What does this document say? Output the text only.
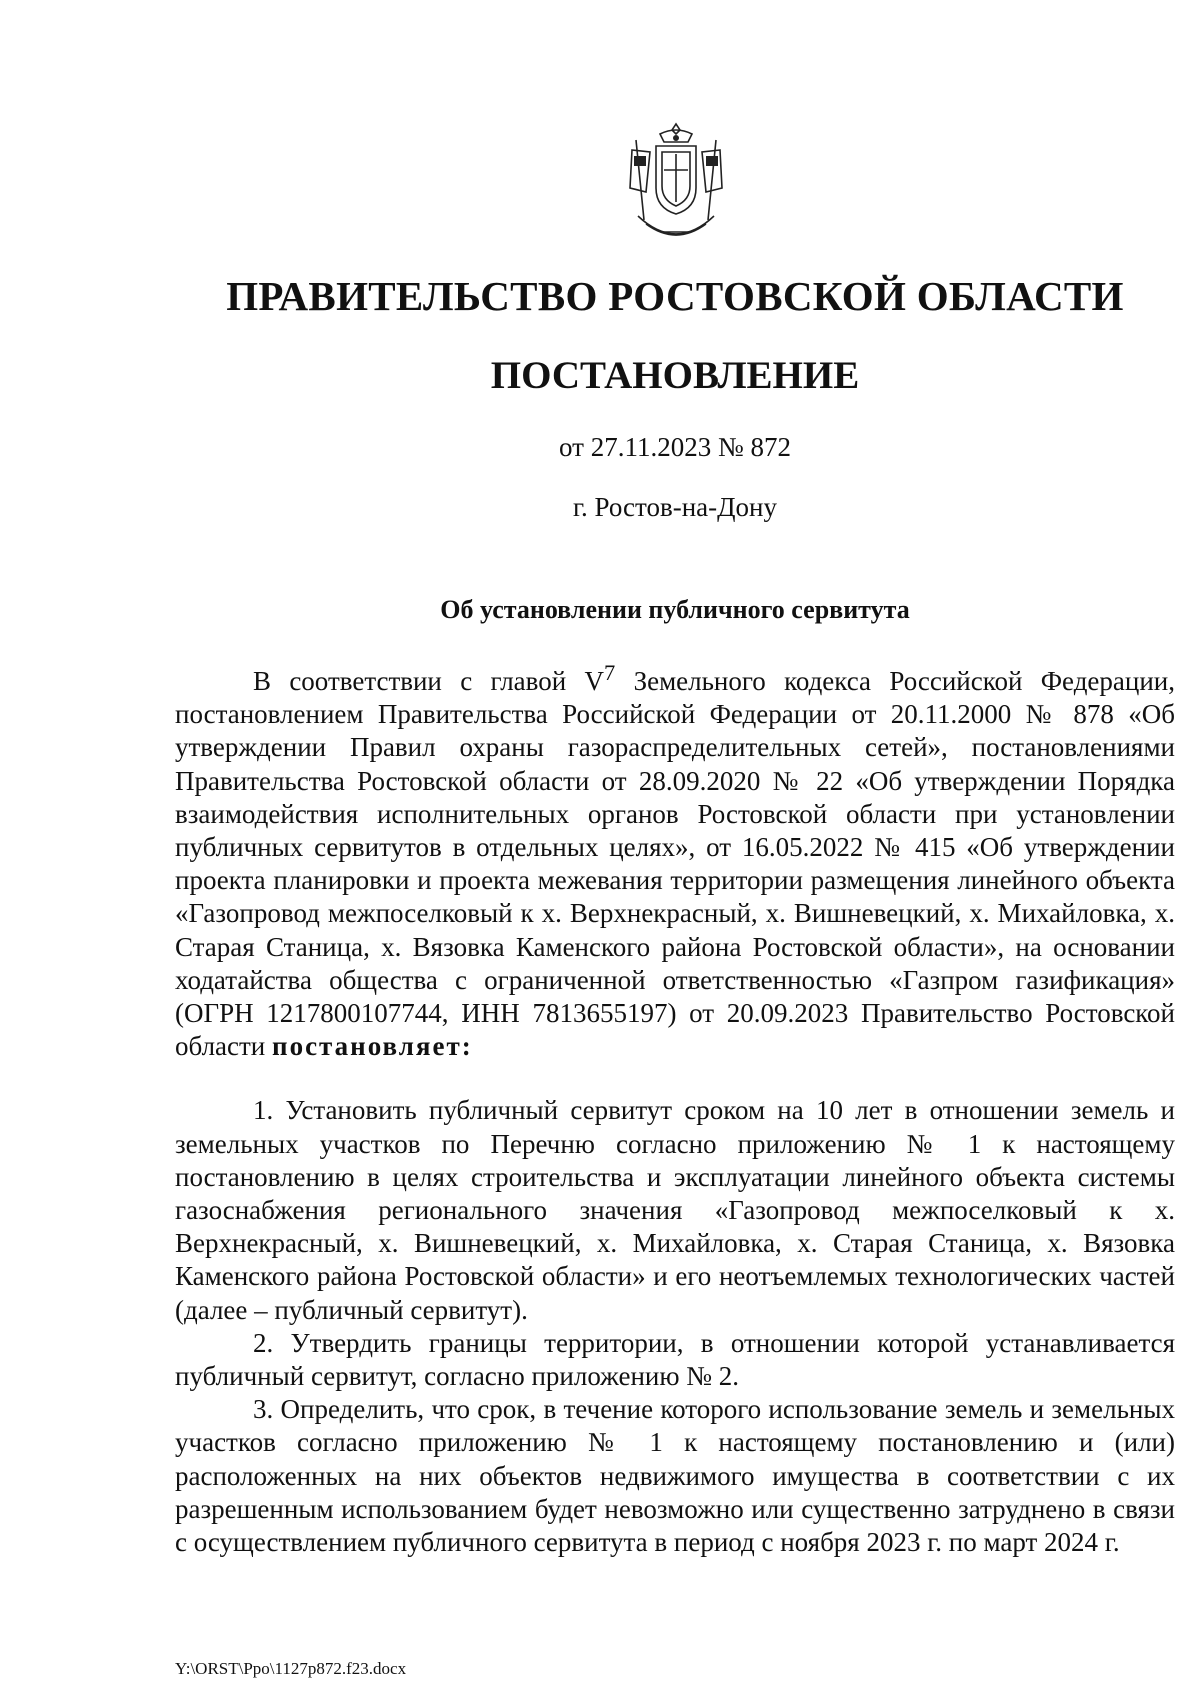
ПРАВИТЕЛЬСТВО РОСТОВСКОЙ ОБЛАСТИ
ПОСТАНОВЛЕНИЕ
от 27.11.2023 № 872
г. Ростов-на-Дону
Об установлении публичного сервитута

В соответствии с главой $V^7$ Земельного кодекса Российской Федерации, постановлением Правительства Российской Федерации от 20.11.2000 № 878 «Об утверждении Правил охраны газораспределительных сетей», постановлениями Правительства Ростовской области от 28.09.2020 № 22 «Об утверждении Порядка взаимодействия исполнительных органов Ростовской области при установлении публичных сервитутов в отдельных целях», от 16.05.2022 № 415 «Об утверждении проекта планировки и проекта межевания территории размещения линейного объекта «Газопровод межпоселковый к х. Верхнекрасный, х. Вишневецкий, х. Михайловка, х. Старая Станица, х. Вязовка Каменского района Ростовской области», на основании ходатайства общества с ограниченной ответственностью «Газпром газификация» (ОГРН 1217800107744, ИНН 7813655197) от 20.09.2023 Правительство Ростовской области постановляет:

1. Установить публичный сервитут сроком на 10 лет в отношении земель и земельных участков по Перечню согласно приложению № 1 к настоящему постановлению в целях строительства и эксплуатации линейного объекта системы газоснабжения регионального значения «Газопровод межпоселковый к х. Верхнекрасный, х. Вишневецкий, х. Михайловка, х. Старая Станица, х. Вязовка Каменского района Ростовской области» и его неотъемлемых технологических частей (далее – публичный сервитут).

2. Утвердить границы территории, в отношении которой устанавливается публичный сервитут, согласно приложению № 2.

3. Определить, что срок, в течение которого использование земель и земельных участков согласно приложению № 1 к настоящему постановлению и (или) расположенных на них объектов недвижимого имущества в соответствии с их разрешенным использованием будет невозможно или существенно затруднено в связи с осуществлением публичного сервитута в период с ноября 2023 г. по март 2024 г.

Y:\ORST\Ppo\1127p872.f23.docx
